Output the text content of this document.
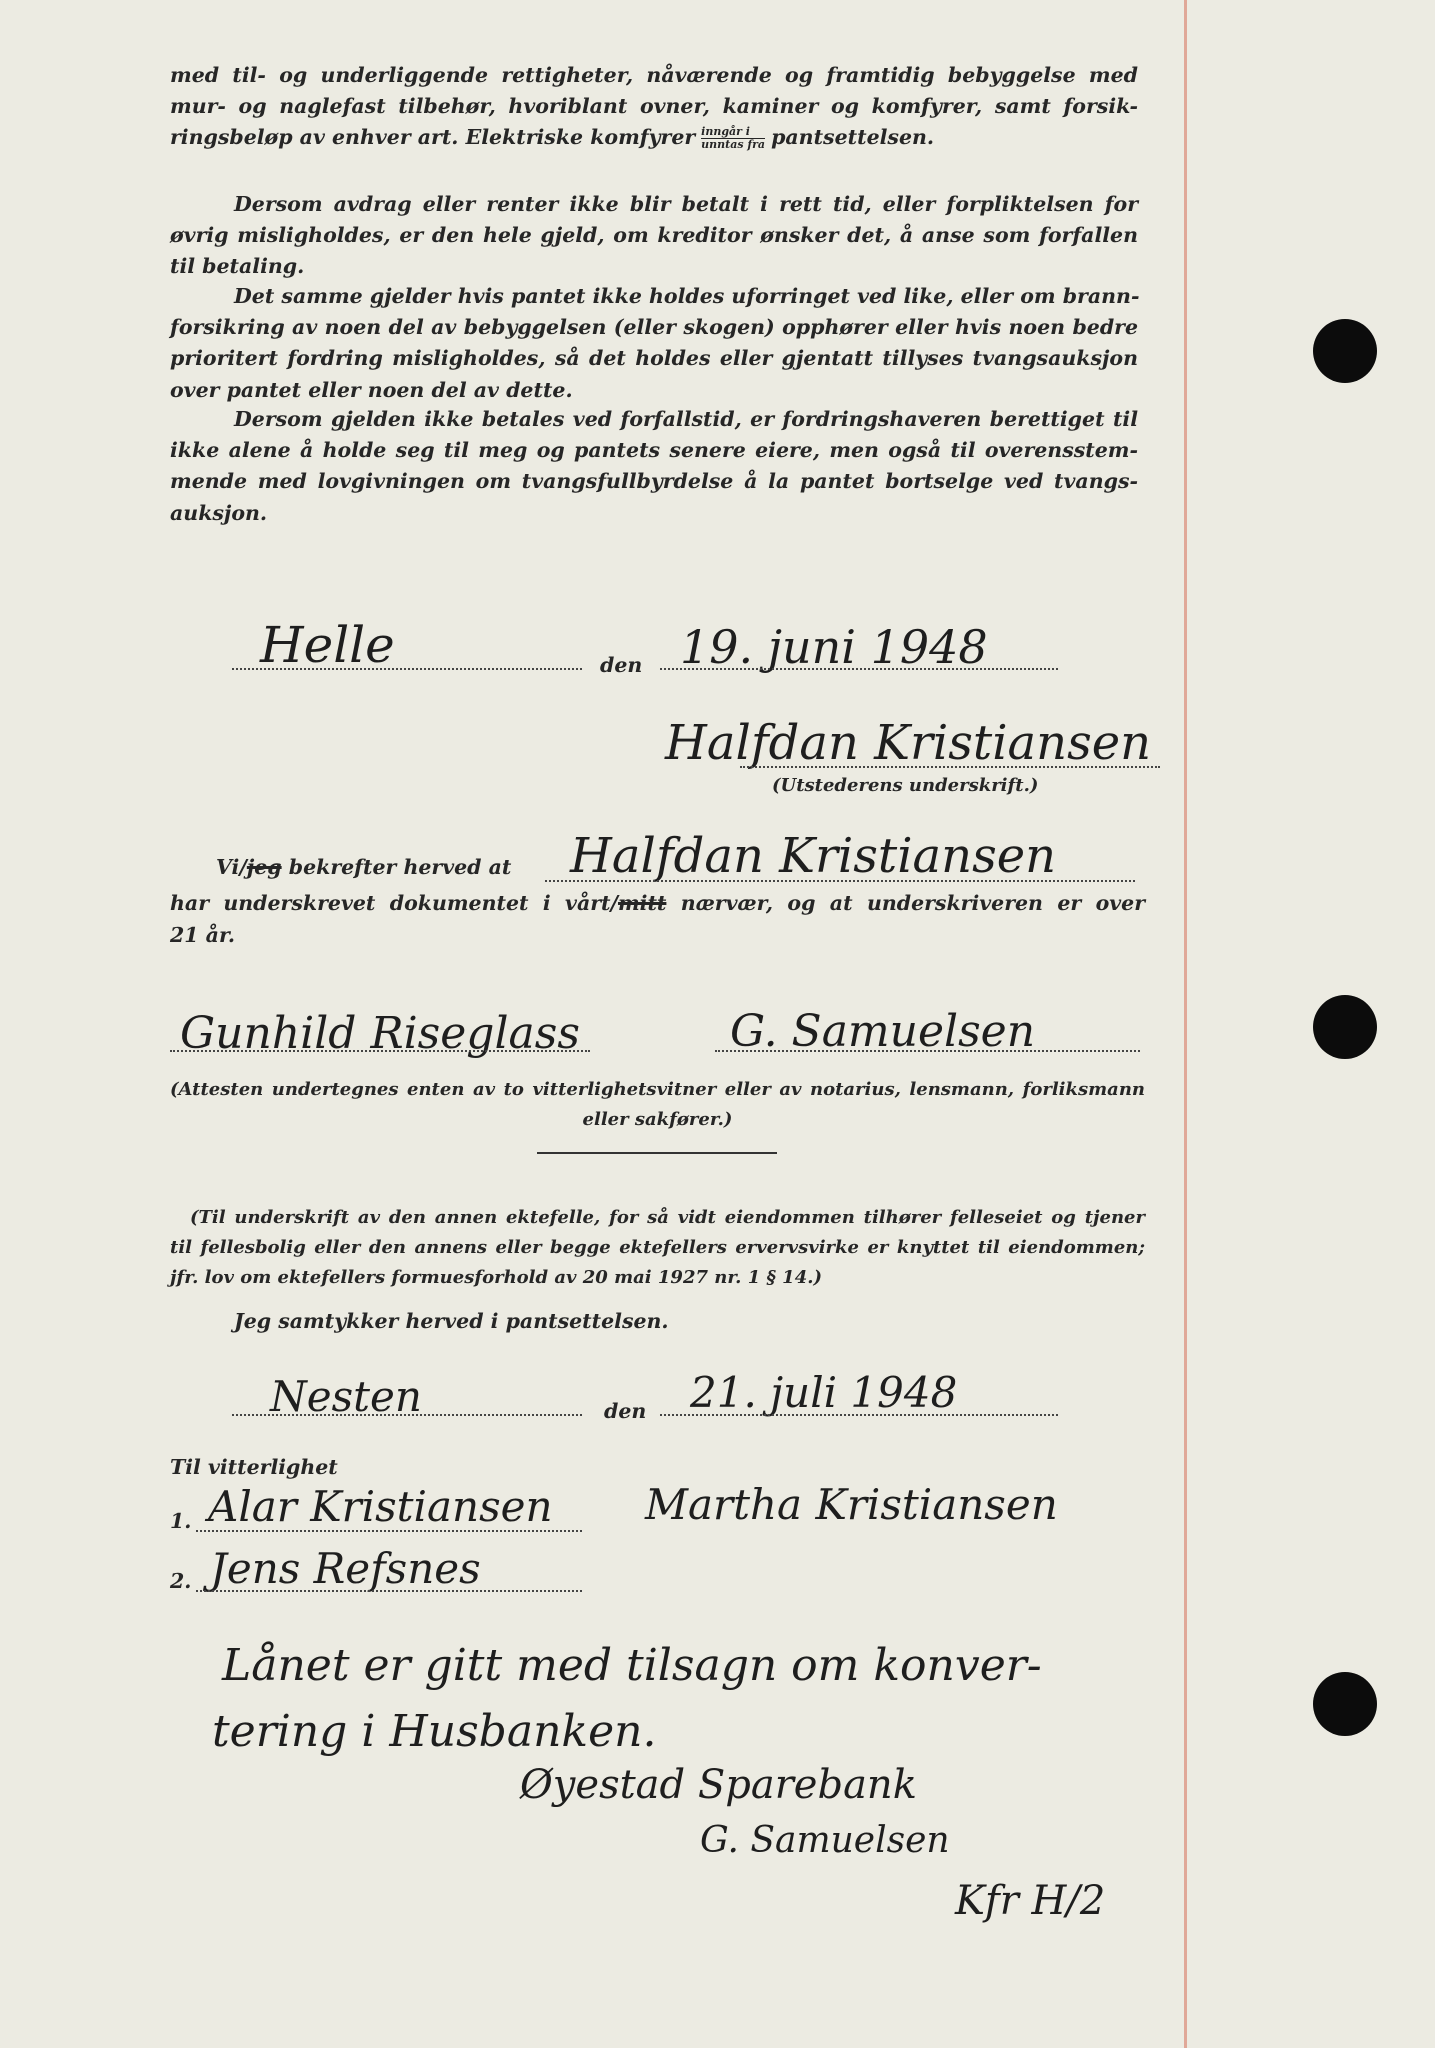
med til- og underliggende rettigheter, nåværende og framtidig bebyggelse med
mur- og naglefast tilbehør, hvoriblant ovner, kaminer og komfyrer, samt forsik-
ringsbeløp av enhver art. Elektriske komfyrer $\frac{\text{inngår i}}{\text{unntas fra}}$ pantsettelsen.
Dersom avdrag eller renter ikke blir betalt i rett tid, eller forpliktelsen for
øvrig misligholdes, er den hele gjeld, om kreditor ønsker det, å anse som forfallen
til betaling.
Det samme gjelder hvis pantet ikke holdes uforringet ved like, eller om brann-
forsikring av noen del av bebyggelsen (eller skogen) opphører eller hvis noen bedre
prioritert fordring misligholdes, så det holdes eller gjentatt tillyses tvangsauksjon
over pantet eller noen del av dette.
Dersom gjelden ikke betales ved forfallstid, er fordringshaveren berettiget til
ikke alene å holde seg til meg og pantets senere eiere, men også til overensstem-
mende med lovgivningen om tvangsfullbyrdelse å la pantet bortselge ved tvangs-
auksjon.
Helle	den 19. juni 1948
Halfdan Kristiansen
(Utstederens underskrift.)
Vi/jeg bekrefter herved at Halfdan Kristiansen
har underskrevet dokumentet i vårt/mitt nærvær, og at underskriveren er over
21 år.
Gunhild Riseglass	G. Samuelsen
(Attesten undertegnes enten av to vitterlighetsvitner eller av notarius, lensmann, forliksmann
eller sakfører.)
(Til underskrift av den annen ektefelle, for så vidt eiendommen tilhører felleseiet og tjener
til fellesbolig eller den annens eller begge ektefellers ervervsvirke er knyttet til eiendommen;
jfr. lov om ektefellers formuesforhold av 20 mai 1927 nr. 1 § 14.)
Jeg samtykker herved i pantsettelsen.
Nesten	den 21. juli 1948
Til vitterlighet
1. Alar Kristiansen Martha Kristiansen
2. Jens Refsnes
Lånet er gitt med tilsagn om konver-
tering i Husbanken.
Øyestad Sparebank
G. Samuelsen
Kfr H/2
